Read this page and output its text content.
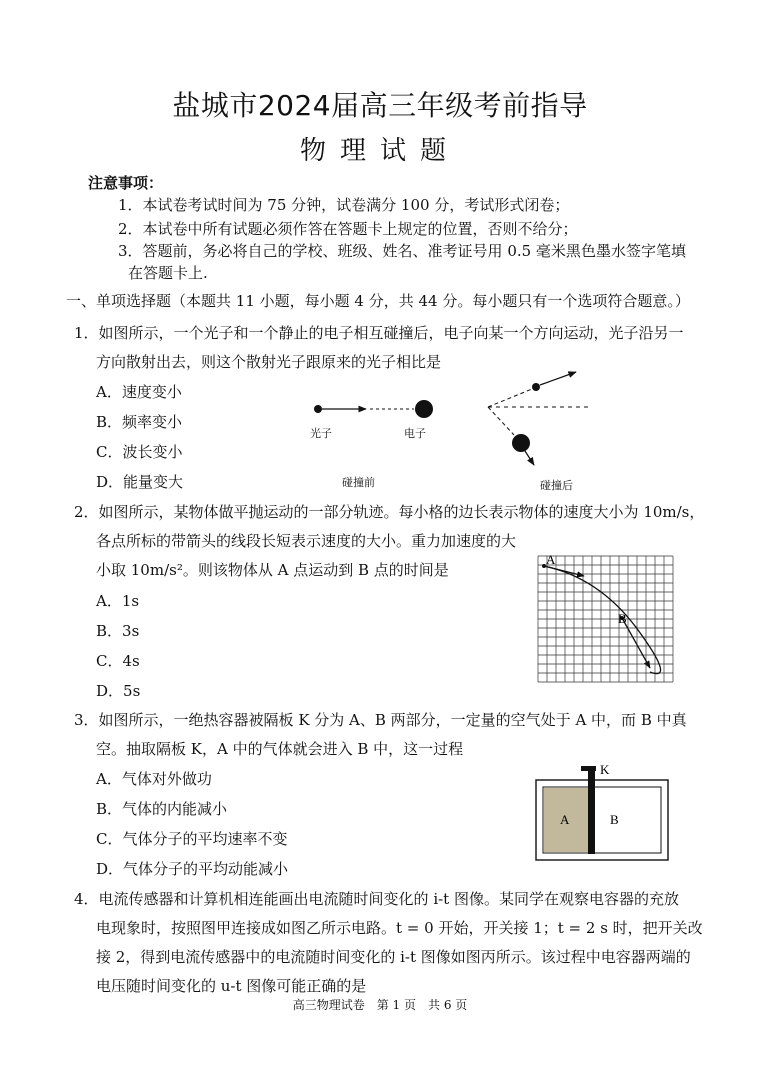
盐城市2024届高三年级考前指导
物理试题
注意事项：
1．本试卷考试时间为 75 分钟，试卷满分 100 分，考试形式闭卷；
2．本试卷中所有试题必须作答在答题卡上规定的位置，否则不给分；
3．答题前，务必将自己的学校、班级、姓名、准考证号用 0.5 毫米黑色墨水签字笔填
在答题卡上.
一、单项选择题（本题共 11 小题，每小题 4 分，共 44 分。每小题只有一个选项符合题意。）
1．如图所示，一个光子和一个静止的电子相互碰撞后，电子向某一个方向运动，光子沿另一
方向散射出去，则这个散射光子跟原来的光子相比是
A．速度变小
B．频率变小
C．波长变小
D．能量变大
光子	电子
碰撞前	碰撞后
2．如图所示，某物体做平抛运动的一部分轨迹。每小格的边长表示物体的速度大小为 10m/s，
各点所标的带箭头的线段长短表示速度的大小。重力加速度的大
小取 10m/s²。则该物体从 A 点运动到 B 点的时间是
A．1s
B．3s
C．4s
D．5s
A
B
3．如图所示，一绝热容器被隔板 K 分为 A、B 两部分，一定量的空气处于 A 中，而 B 中真
空。抽取隔板 K，A 中的气体就会进入 B 中，这一过程
A．气体对外做功
B．气体的内能减小
C．气体分子的平均速率不变
D．气体分子的平均动能减小
A	B
K
4．电流传感器和计算机相连能画出电流随时间变化的 i-t 图像。某同学在观察电容器的充放
电现象时，按照图甲连接成如图乙所示电路。t = 0 开始，开关接 1；t = 2 s 时，把开关改
接 2，得到电流传感器中的电流随时间变化的 i-t 图像如图丙所示。该过程中电容器两端的
电压随时间变化的 u-t 图像可能正确的是
高三物理试卷　第 1 页　共 6 页
